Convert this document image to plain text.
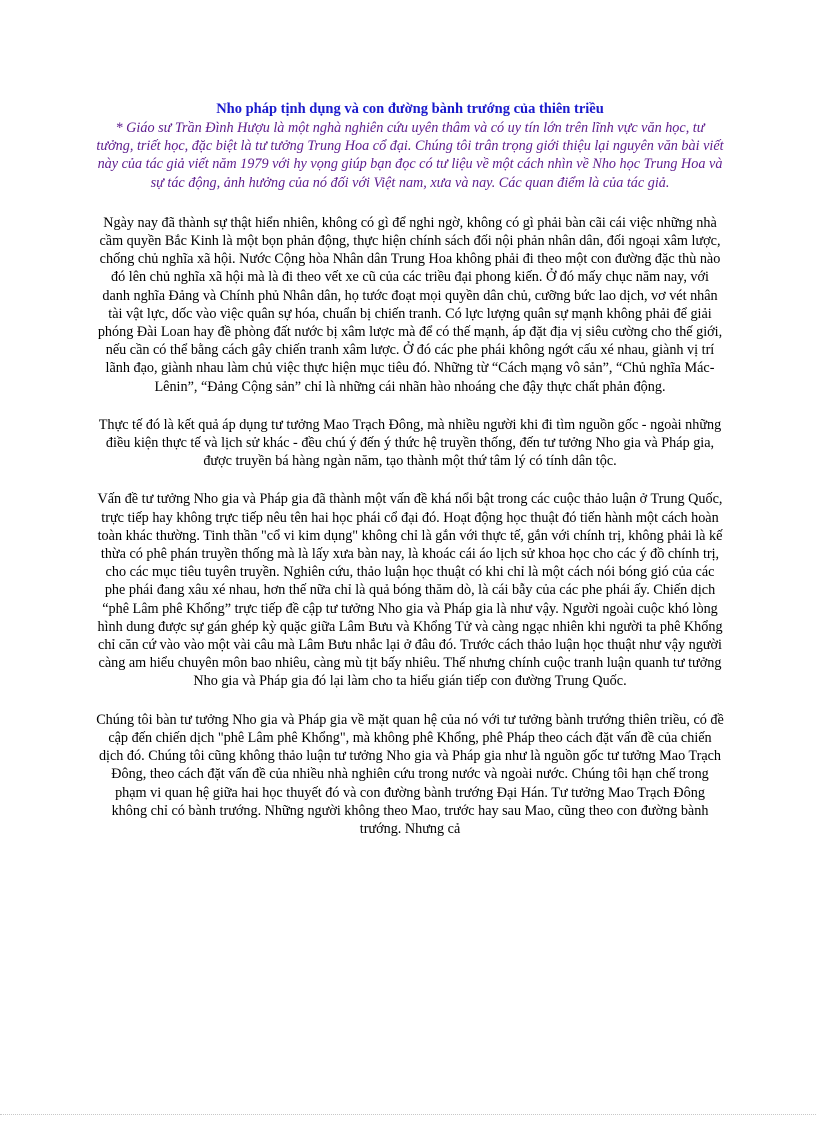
Nho pháp tịnh dụng và con đường bành trướng của thiên triều

* Giáo sư Trần Đình Hượu là một nghà nghiên cứu uyên thâm và có uy tín lớn trên lĩnh vực văn học, tư tưởng, triết học, đặc biệt là tư tưởng Trung Hoa cổ đại. Chúng tôi trân trọng giới thiệu lại nguyên văn bài viết này của tác giả viết năm 1979 với hy vọng giúp bạn đọc có tư liệu về một cách nhìn về Nho học Trung Hoa và sự tác động, ảnh hưởng của nó đối với Việt nam, xưa và nay. Các quan điểm là của tác giả.

Ngày nay đã thành sự thật hiển nhiên, không có gì để nghi ngờ, không có gì phải bàn cãi cái việc những nhà cầm quyền Bắc Kinh là một bọn phản động, thực hiện chính sách đối nội phản nhân dân, đối ngoại xâm lược, chống chủ nghĩa xã hội. Nước Cộng hòa Nhân dân Trung Hoa không phải đi theo một con đường đặc thù nào đó lên chủ nghĩa xã hội mà là đi theo vết xe cũ của các triều đại phong kiến. Ở đó mấy chục năm nay, với danh nghĩa Đảng và Chính phủ Nhân dân, họ tước đoạt mọi quyền dân chủ, cưỡng bức lao dịch, vơ vét nhân tài vật lực, dốc vào việc quân sự hóa, chuẩn bị chiến tranh. Có lực lượng quân sự mạnh không phải để giải phóng Đài Loan hay đề phòng đất nước bị xâm lược mà để có thế mạnh, áp đặt địa vị siêu cường cho thế giới, nếu cần có thể bằng cách gây chiến tranh xâm lược. Ở đó các phe phái không ngớt cấu xé nhau, giành vị trí lãnh đạo, giành nhau làm chủ việc thực hiện mục tiêu đó. Những từ “Cách mạng vô sản”, “Chủ nghĩa Mác-Lênin”, “Đảng Cộng sản” chỉ là những cái nhãn hào nhoáng che đậy thực chất phản động.

Thực tế đó là kết quả áp dụng tư tưởng Mao Trạch Đông, mà nhiều người khi đi tìm nguồn gốc - ngoài những điều kiện thực tế và lịch sử khác - đều chú ý đến ý thức hệ truyền thống, đến tư tưởng Nho gia và Pháp gia, được truyền bá hàng ngàn năm, tạo thành một thứ tâm lý có tính dân tộc.

Vấn đề tư tưởng Nho gia và Pháp gia đã thành một vấn đề khá nổi bật trong các cuộc thảo luận ở Trung Quốc, trực tiếp hay không trực tiếp nêu tên hai học phái cổ đại đó. Hoạt động học thuật đó tiến hành một cách hoàn toàn khác thường. Tinh thần "cổ vi kim dụng" không chỉ là gắn với thực tế, gắn với chính trị, không phải là kế thừa có phê phán truyền thống mà là lấy xưa bàn nay, là khoác cái áo lịch sử khoa học cho các ý đồ chính trị, cho các mục tiêu tuyên truyền. Nghiên cứu, thảo luận học thuật có khi chỉ là một cách nói bóng gió của các phe phái đang xâu xé nhau, hơn thế nữa chỉ là quả bóng thăm dò, là cái bẫy của các phe phái ấy. Chiến dịch “phê Lâm phê Khổng” trực tiếp đề cập tư tưởng Nho gia và Pháp gia là như vậy. Người ngoài cuộc khó lòng hình dung được sự gán ghép kỳ quặc giữa Lâm Bưu và Khổng Tử và càng ngạc nhiên khi người ta phê Khổng chỉ căn cứ vào vào một vài câu mà Lâm Bưu nhắc lại ở đâu đó. Trước cách thảo luận học thuật như vậy người càng am hiểu chuyên môn bao nhiêu, càng mù tịt bấy nhiêu. Thế nhưng chính cuộc tranh luận quanh tư tưởng Nho gia và Pháp gia đó lại làm cho ta hiểu gián tiếp con đường Trung Quốc.

Chúng tôi bàn tư tưởng Nho gia và Pháp gia về mặt quan hệ của nó với tư tưởng bành trướng thiên triều, có đề cập đến chiến dịch "phê Lâm phê Khổng", mà không phê Khổng, phê Pháp theo cách đặt vấn đề của chiến dịch đó. Chúng tôi cũng không thảo luận tư tưởng Nho gia và Pháp gia như là nguồn gốc tư tưởng Mao Trạch Đông, theo cách đặt vấn đề của nhiều nhà nghiên cứu trong nước và ngoài nước. Chúng tôi hạn chế trong phạm vi quan hệ giữa hai học thuyết đó và con đường bành trướng Đại Hán. Tư tưởng Mao Trạch Đông không chỉ có bành trướng. Những người không theo Mao, trước hay sau Mao, cũng theo con đường bành trướng. Nhưng cả
